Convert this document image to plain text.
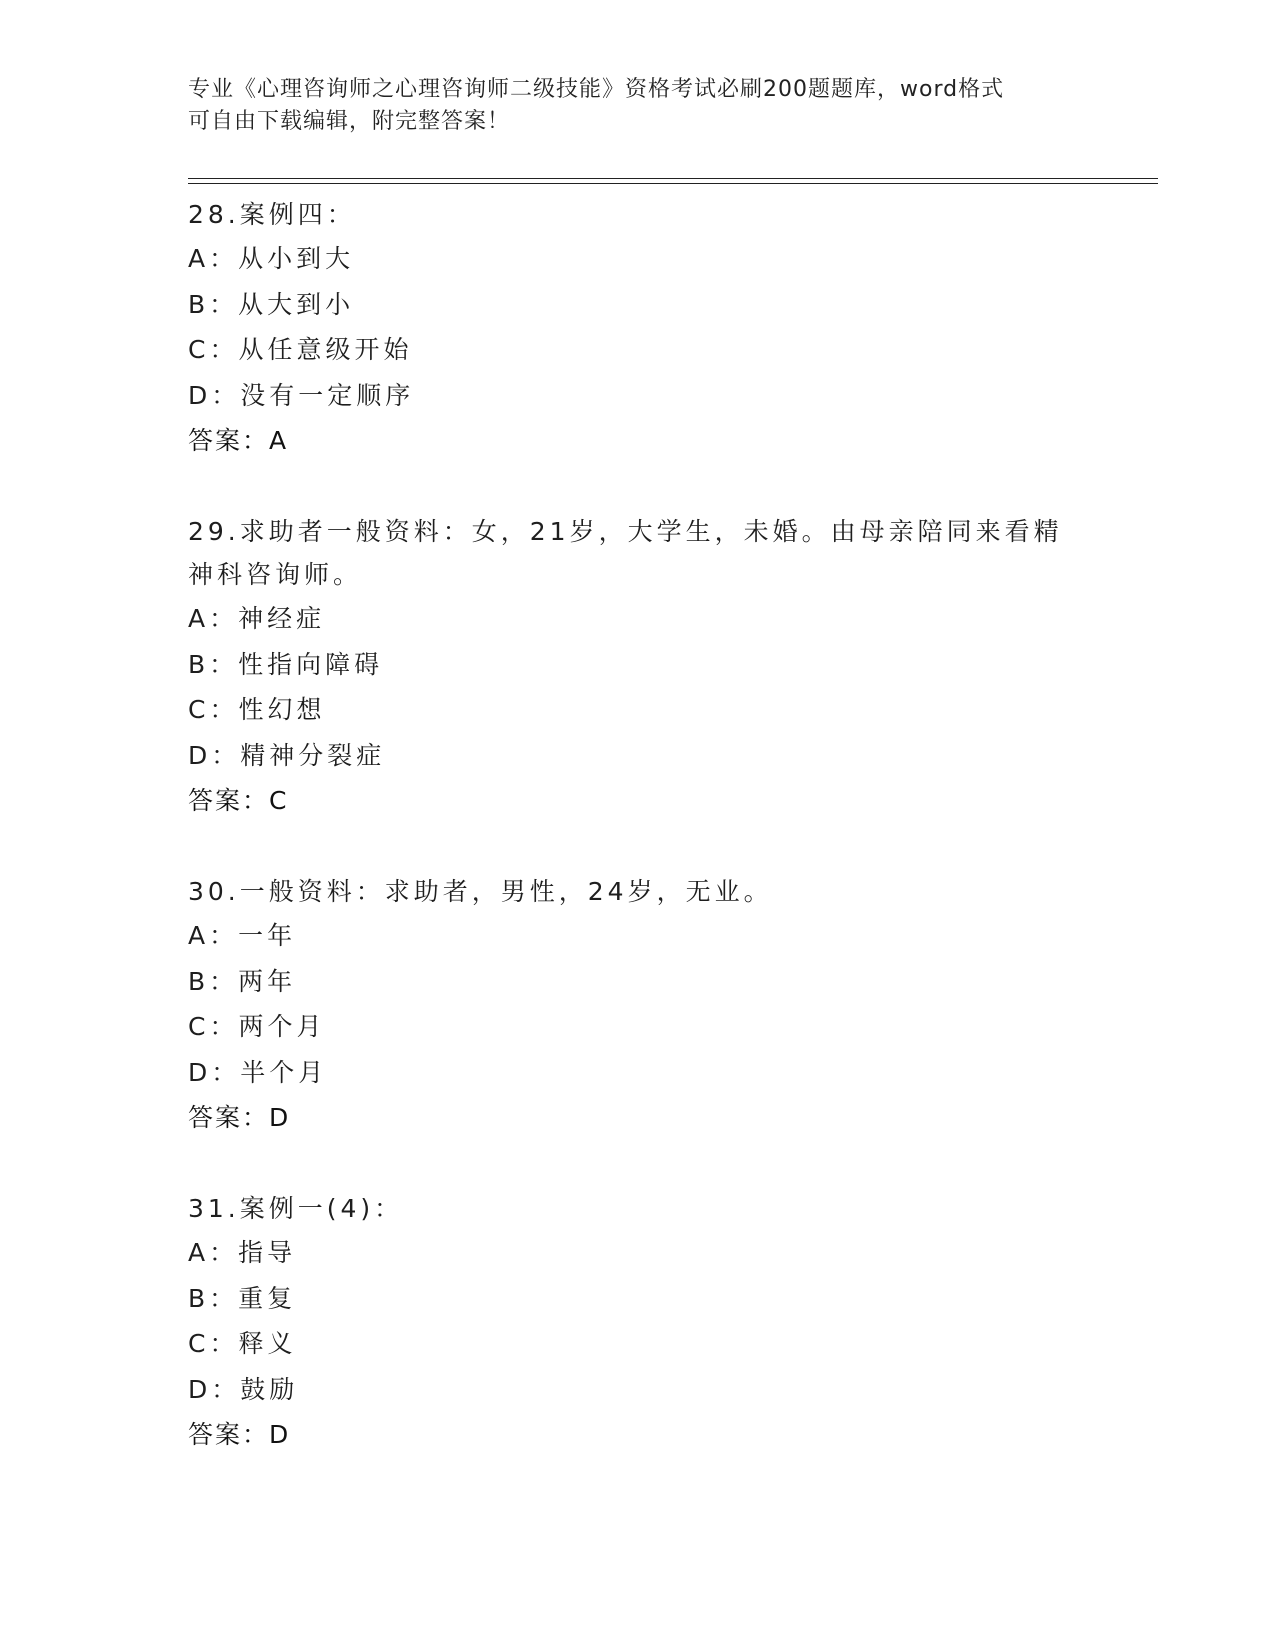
专业《心理咨询师之心理咨询师二级技能》资格考试必刷200题题库，word格式
可自由下载编辑，附完整答案！
28.案例四：
A：从小到大
B：从大到小
C：从任意级开始
D：没有一定顺序
答案：A
29.求助者一般资料：女，21岁，大学生，未婚。由母亲陪同来看精神科咨询师。
A：神经症
B：性指向障碍
C：性幻想
D：精神分裂症
答案：C
30.一般资料：求助者，男性，24岁，无业。
A：一年
B：两年
C：两个月
D：半个月
答案：D
31.案例一(4)：
A：指导
B：重复
C：释义
D：鼓励
答案：D
